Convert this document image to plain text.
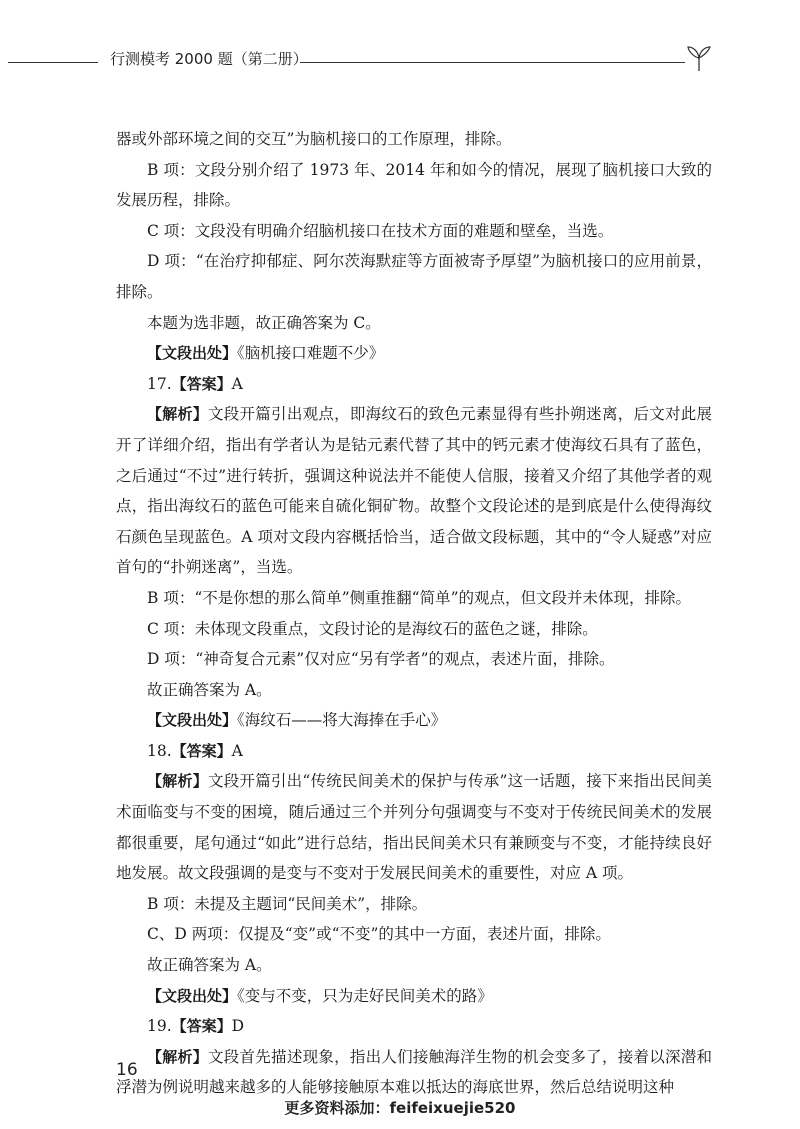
行测模考 2000 题（第二册）

器或外部环境之间的交互”为脑机接口的工作原理，排除。

B 项：文段分别介绍了 1973 年、2014 年和如今的情况，展现了脑机接口大致的发展历程，排除。

C 项：文段没有明确介绍脑机接口在技术方面的难题和壁垒，当选。

D 项：“在治疗抑郁症、阿尔茨海默症等方面被寄予厚望”为脑机接口的应用前景，排除。

本题为选非题，故正确答案为 C。

【文段出处】《脑机接口难题不少》

17.【答案】A

【解析】文段开篇引出观点，即海纹石的致色元素显得有些扑朔迷离，后文对此展开了详细介绍，指出有学者认为是钴元素代替了其中的钙元素才使海纹石具有了蓝色，之后通过“不过”进行转折，强调这种说法并不能使人信服，接着又介绍了其他学者的观点，指出海纹石的蓝色可能来自硫化铜矿物。故整个文段论述的是到底是什么使得海纹石颜色呈现蓝色。A 项对文段内容概括恰当，适合做文段标题，其中的“令人疑惑”对应首句的“扑朔迷离”，当选。

B 项：“不是你想的那么简单”侧重推翻“简单”的观点，但文段并未体现，排除。

C 项：未体现文段重点，文段讨论的是海纹石的蓝色之谜，排除。

D 项：“神奇复合元素”仅对应“另有学者”的观点，表述片面，排除。

故正确答案为 A。

【文段出处】《海纹石——将大海捧在手心》

18.【答案】A

【解析】文段开篇引出“传统民间美术的保护与传承”这一话题，接下来指出民间美术面临变与不变的困境，随后通过三个并列分句强调变与不变对于传统民间美术的发展都很重要，尾句通过“如此”进行总结，指出民间美术只有兼顾变与不变，才能持续良好地发展。故文段强调的是变与不变对于发展民间美术的重要性，对应 A 项。

B 项：未提及主题词“民间美术”，排除。

C、D 两项：仅提及“变”或“不变”的其中一方面，表述片面，排除。

故正确答案为 A。

【文段出处】《变与不变，只为走好民间美术的路》

19.【答案】D

【解析】文段首先描述现象，指出人们接触海洋生物的机会变多了，接着以深潜和浮潜为例说明越来越多的人能够接触原本难以抵达的海底世界，然后总结说明这种

16
更多资料添加：feifeixuejie520
